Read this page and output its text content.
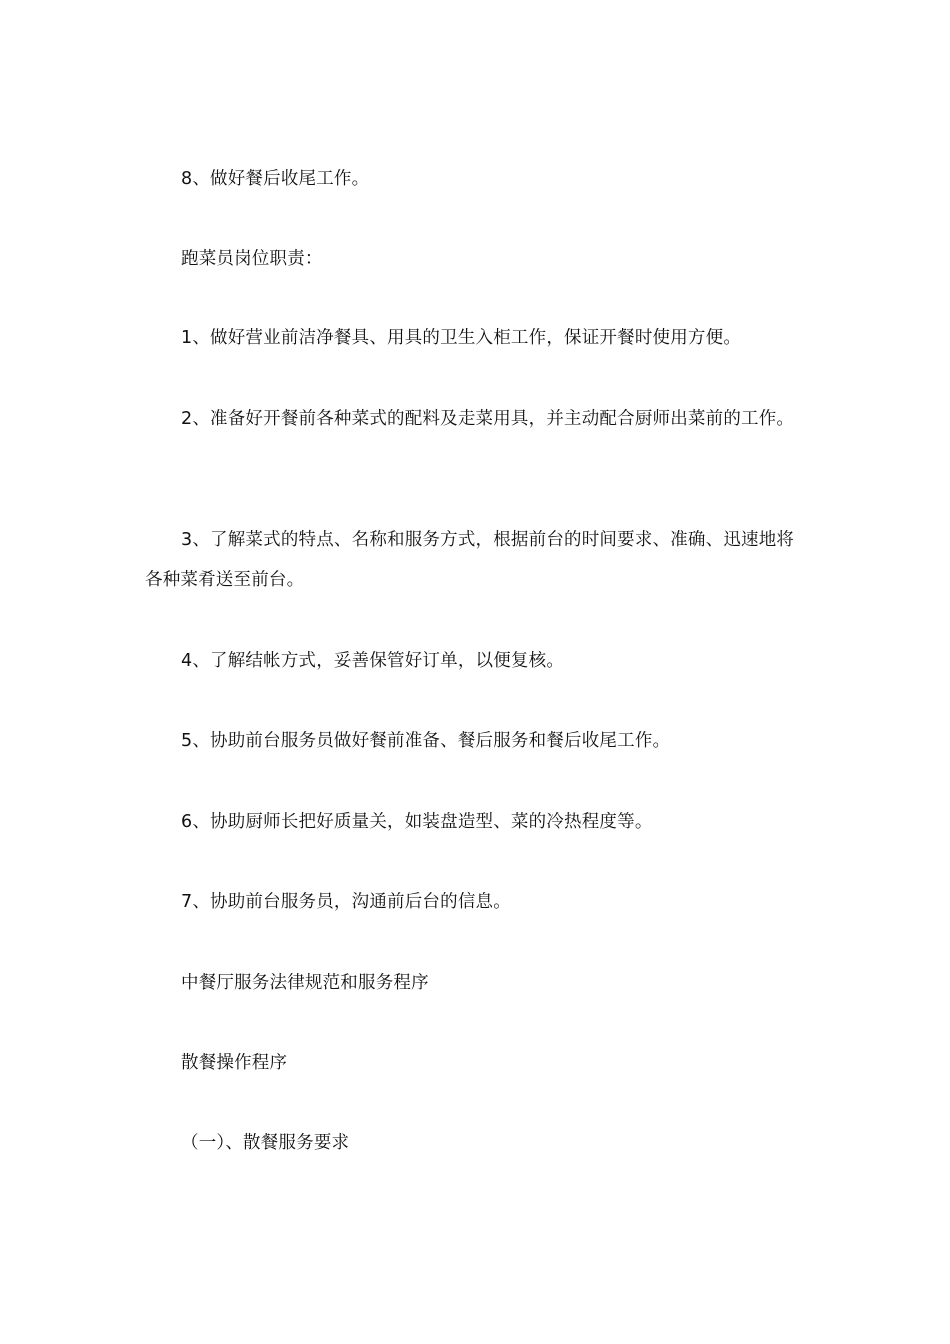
8、做好餐后收尾工作。

跑菜员岗位职责：

1、做好营业前洁净餐具、用具的卫生入柜工作，保证开餐时使用方便。

2、准备好开餐前各种菜式的配料及走菜用具，并主动配合厨师出菜前的工作。

3、了解菜式的特点、名称和服务方式，根据前台的时间要求、准确、迅速地将各种菜肴送至前台。

4、了解结帐方式，妥善保管好订单，以便复核。

5、协助前台服务员做好餐前准备、餐后服务和餐后收尾工作。

6、协助厨师长把好质量关，如装盘造型、菜的冷热程度等。

7、协助前台服务员，沟通前后台的信息。

中餐厅服务法律规范和服务程序

散餐操作程序

（一）、散餐服务要求
